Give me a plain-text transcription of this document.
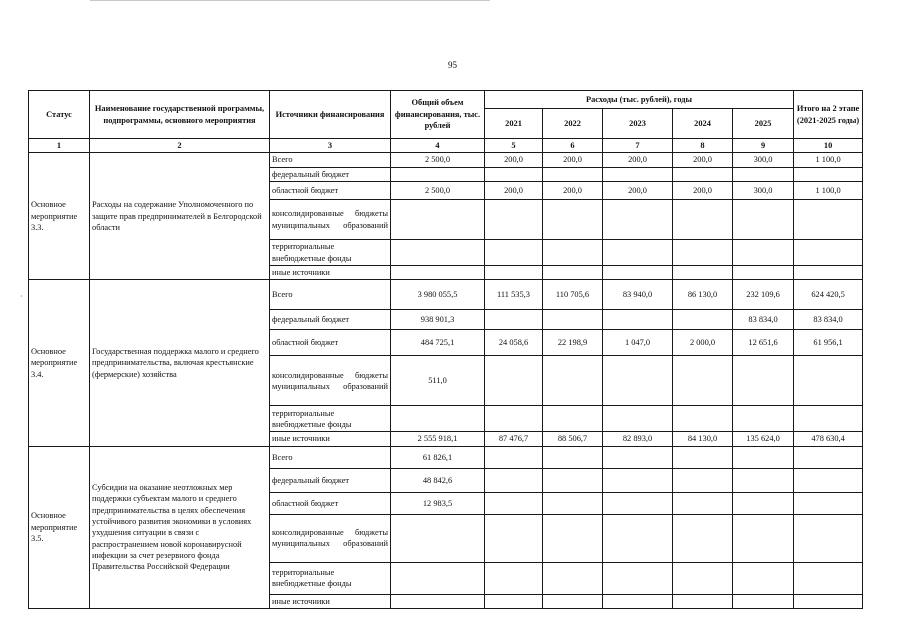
95
·
Статус	Наименование государственной программы, подпрограммы, основного мероприятия	Источники финансирования	Общий объем финансирования, тыс. рублей	Расходы (тыс. рублей), годы					Итого на 2 этапе (2021-2025 годы)
				2021	2022	2023	2024	2025	
1	2	3	4	5	6	7	8	9	10
Основное мероприятие 3.3.	Расходы на содержание Уполномоченного по защите прав предпринимателей в Белгородской области	Всего	2 500,0	200,0	200,0	200,0	200,0	300,0	1 100,0
		федеральный бюджет							
		областной бюджет	2 500,0	200,0	200,0	200,0	200,0	300,0	1 100,0
		консолидированные бюджеты муниципальных образований							
		территориальные внебюджетные фонды							
		иные источники							
Основное мероприятие 3.4.	Государственная поддержка малого и среднего предпринимательства, включая крестьянские (фермерские) хозяйства	Всего	3 980 055,5	111 535,3	110 705,6	83 940,0	86 130,0	232 109,6	624 420,5
		федеральный бюджет	938 901,3					83 834,0	83 834,0
		областной бюджет	484 725,1	24 058,6	22 198,9	1 047,0	2 000,0	12 651,6	61 956,1
		консолидированные бюджеты муниципальных образований	511,0						
		территориальные внебюджетные фонды							
		иные источники	2 555 918,1	87 476,7	88 506,7	82 893,0	84 130,0	135 624,0	478 630,4
Основное мероприятие 3.5.	Субсидии на оказание неотложных мер поддержки субъектам малого и среднего предпринимательства в целях обеспечения устойчивого развития экономики в условиях ухудшения ситуации в связи с распространением новой коронавирусной инфекции за счет резервного фонда Правительства Российской Федерации	Всего	61 826,1						
		федеральный бюджет	48 842,6						
		областной бюджет	12 983,5						
		консолидированные бюджеты муниципальных образований							
		территориальные внебюджетные фонды							
		иные источники							
